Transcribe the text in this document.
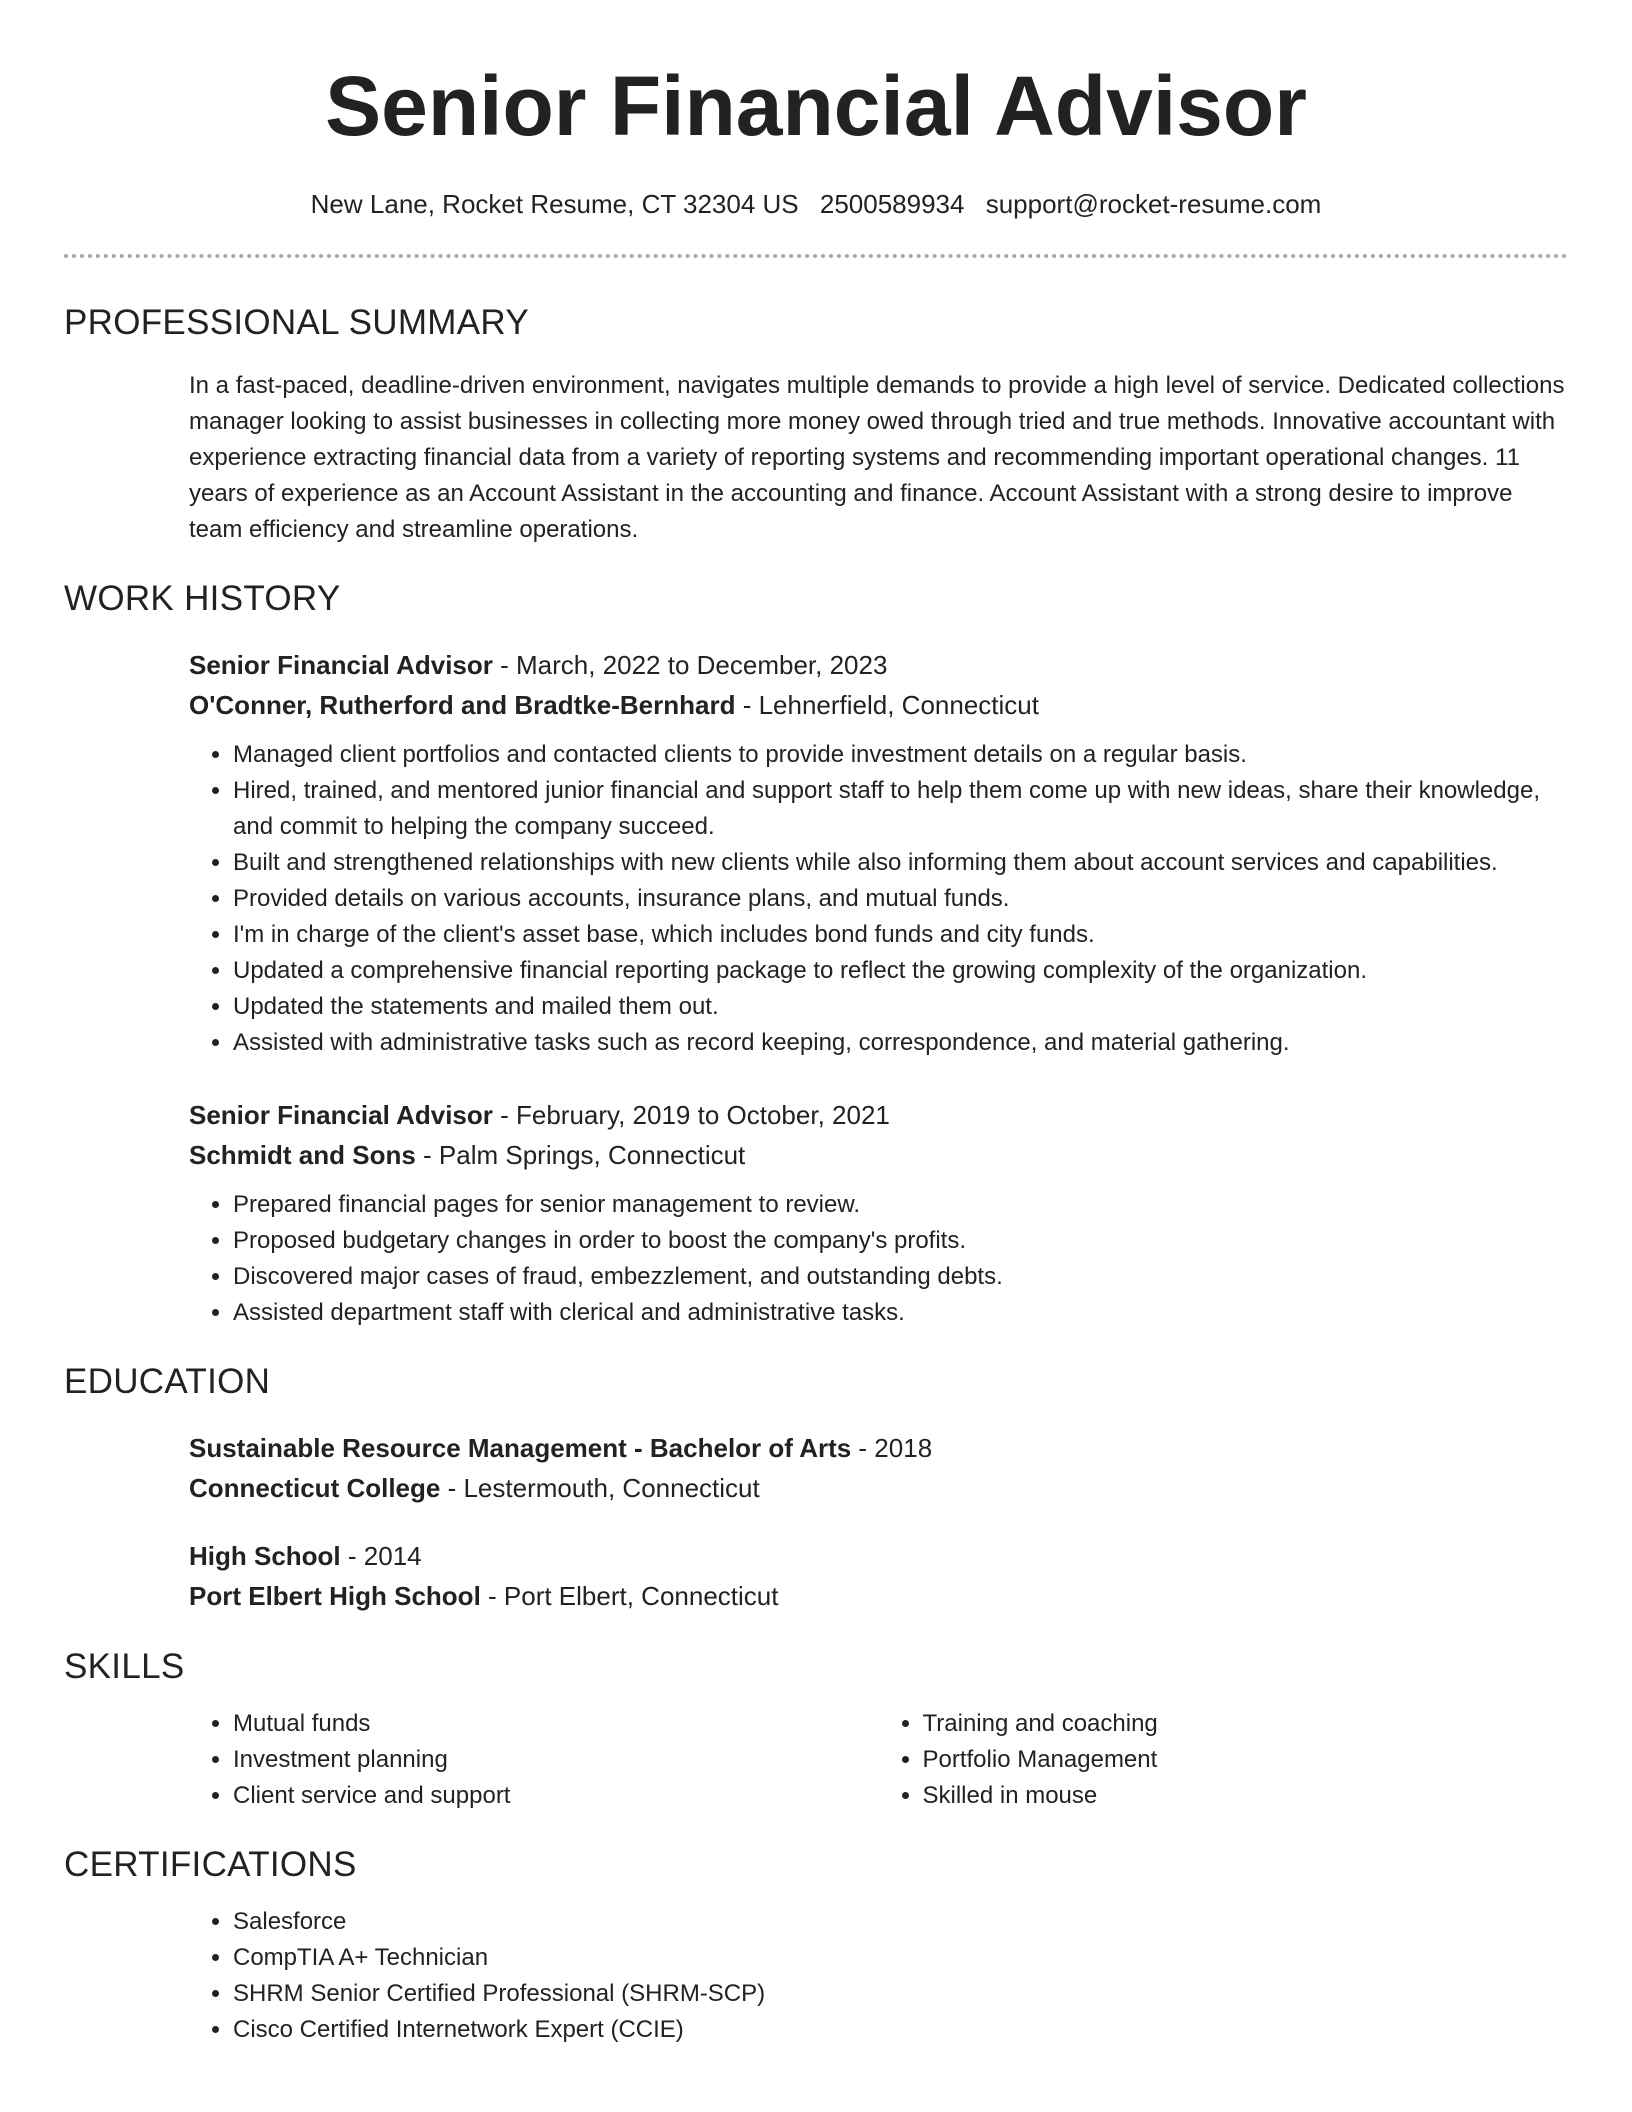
Senior Financial Advisor
New Lane, Rocket Resume, CT 32304 US 2500589934 support@rocket-resume.com
PROFESSIONAL SUMMARY

In a fast-paced, deadline-driven environment, navigates multiple demands to provide a high level of service. Dedicated collections manager looking to assist businesses in collecting more money owed through tried and true methods. Innovative accountant with experience extracting financial data from a variety of reporting systems and recommending important operational changes. 11 years of experience as an Account Assistant in the accounting and finance. Account Assistant with a strong desire to improve team efficiency and streamline operations.

WORK HISTORY
Senior Financial Advisor - March, 2022 to December, 2023
O'Conner, Rutherford and Bradtke-Bernhard - Lehnerfield, Connecticut
• Managed client portfolios and contacted clients to provide investment details on a regular basis.
• Hired, trained, and mentored junior financial and support staff to help them come up with new ideas, share their knowledge, and commit to helping the company succeed.
• Built and strengthened relationships with new clients while also informing them about account services and capabilities.
• Provided details on various accounts, insurance plans, and mutual funds.
• I'm in charge of the client's asset base, which includes bond funds and city funds.
• Updated a comprehensive financial reporting package to reflect the growing complexity of the organization.
• Updated the statements and mailed them out.
• Assisted with administrative tasks such as record keeping, correspondence, and material gathering.
Senior Financial Advisor - February, 2019 to October, 2021
Schmidt and Sons - Palm Springs, Connecticut
• Prepared financial pages for senior management to review.
• Proposed budgetary changes in order to boost the company's profits.
• Discovered major cases of fraud, embezzlement, and outstanding debts.
• Assisted department staff with clerical and administrative tasks.
EDUCATION
Sustainable Resource Management - Bachelor of Arts - 2018
Connecticut College - Lestermouth, Connecticut
High School - 2014
Port Elbert High School - Port Elbert, Connecticut
SKILLS
• Mutual funds
• Investment planning
• Client service and support
• Training and coaching
• Portfolio Management
• Skilled in mouse
CERTIFICATIONS
• Salesforce
• CompTIA A+ Technician
• SHRM Senior Certified Professional (SHRM-SCP)
• Cisco Certified Internetwork Expert (CCIE)
